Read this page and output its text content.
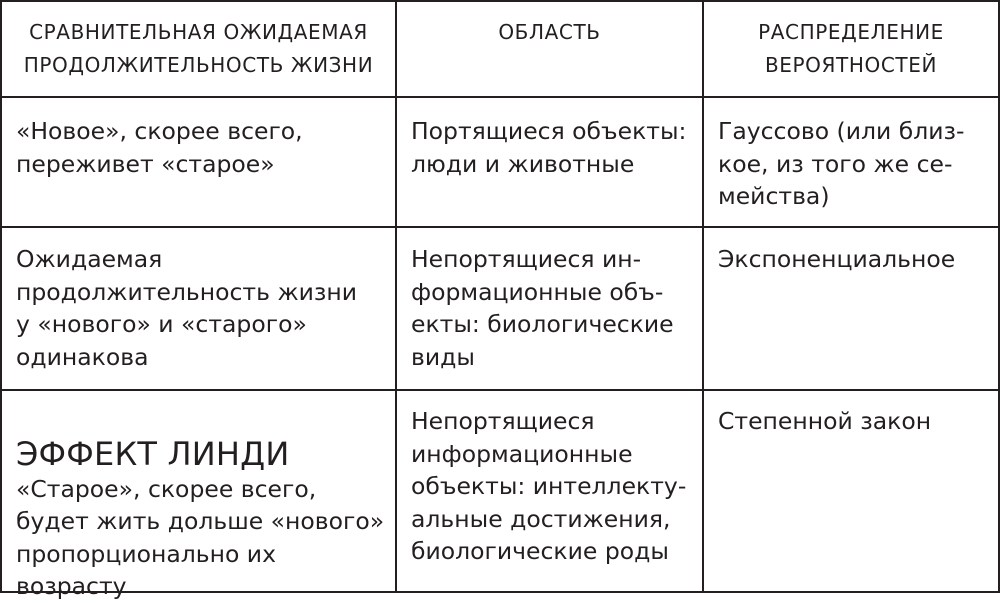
СРАВНИТЕЛЬНАЯ ОЖИДАЕМАЯ
ПРОДОЛЖИТЕЛЬНОСТЬ ЖИЗНИ
ОБЛАСТЬ	РАСПРЕДЕЛЕНИЕ
ВЕРОЯТНОСТЕЙ
«Новое», скорее всего,
переживет «старое»
Портящиеся объекты:
люди и животные
Гауссово (или близ-
кое, из того же се-
мейства)
Ожидаемая
продолжительность жизни
у «нового» и «старого»
одинакова
Непортящиеся ин-
формационные объ-
екты: биологические
виды
Экспоненциальное

ЭФФЕКТ ЛИНДИ
«Старое», скорее всего,
будет жить дольше «нового»
пропорционально их
возрасту

Непортящиеся
информационные
объекты: интеллекту-
альные достижения,
биологические роды
Степенной закон
